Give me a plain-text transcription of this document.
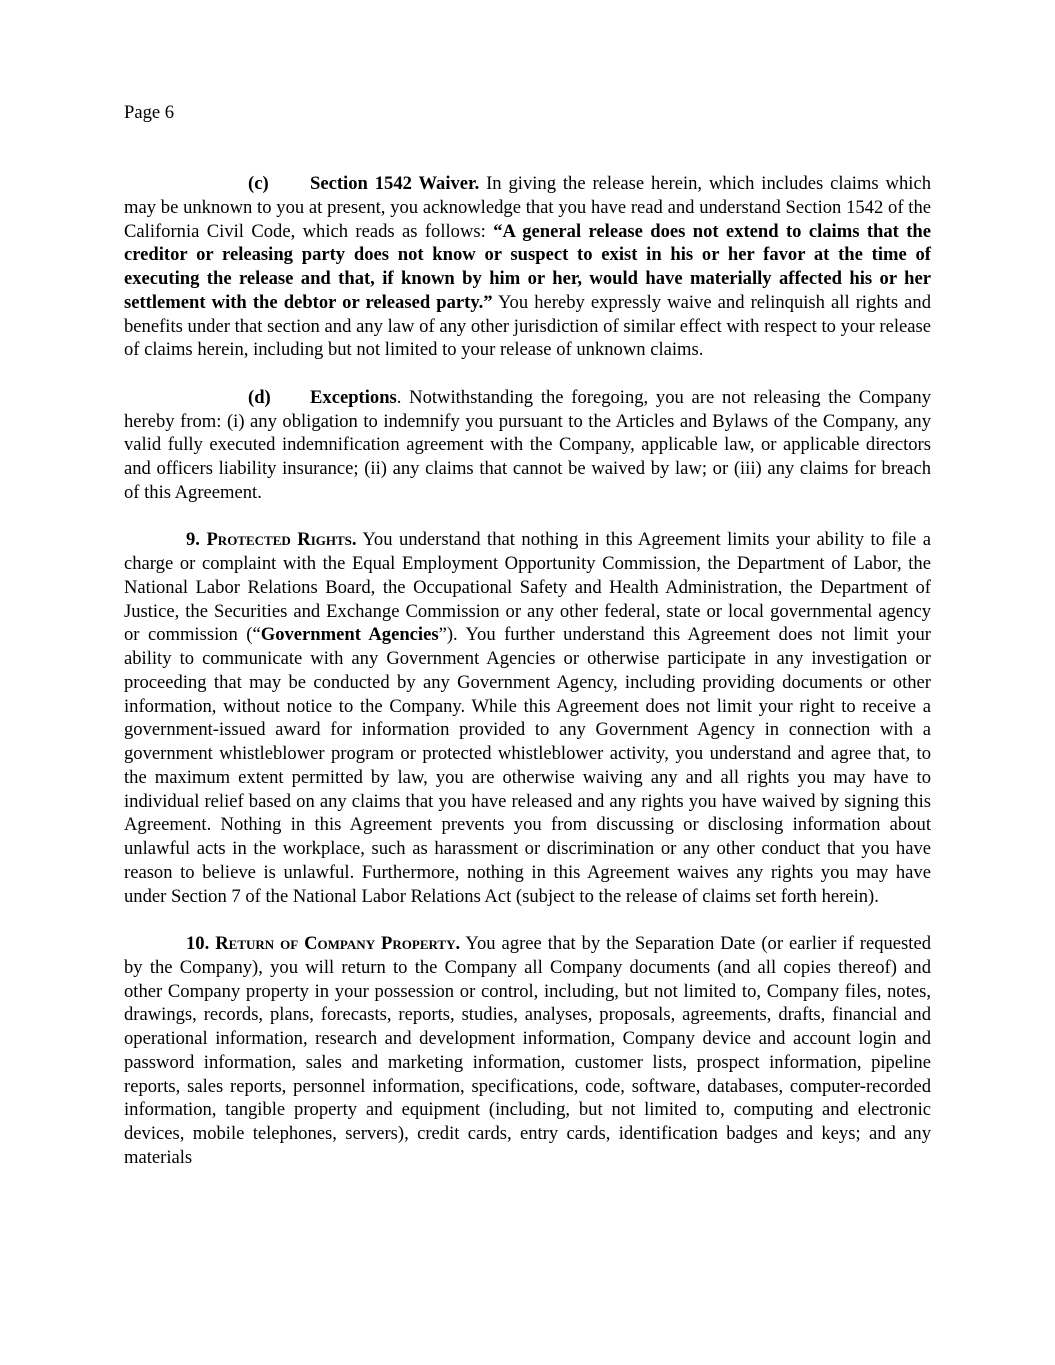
Page 6

(c) Section 1542 Waiver. In giving the release herein, which includes claims which may be unknown to you at present, you acknowledge that you have read and understand Section 1542 of the California Civil Code, which reads as follows: “A general release does not extend to claims that the creditor or releasing party does not know or suspect to exist in his or her favor at the time of executing the release and that, if known by him or her, would have materially affected his or her settlement with the debtor or released party.” You hereby expressly waive and relinquish all rights and benefits under that section and any law of any other jurisdiction of similar effect with respect to your release of claims herein, including but not limited to your release of unknown claims.

(d) Exceptions. Notwithstanding the foregoing, you are not releasing the Company hereby from: (i) any obligation to indemnify you pursuant to the Articles and Bylaws of the Company, any valid fully executed indemnification agreement with the Company, applicable law, or applicable directors and officers liability insurance; (ii) any claims that cannot be waived by law; or (iii) any claims for breach of this Agreement.

9. Protected Rights. You understand that nothing in this Agreement limits your ability to file a charge or complaint with the Equal Employment Opportunity Commission, the Department of Labor, the National Labor Relations Board, the Occupational Safety and Health Administration, the Department of Justice, the Securities and Exchange Commission or any other federal, state or local governmental agency or commission (“Government Agencies”). You further understand this Agreement does not limit your ability to communicate with any Government Agencies or otherwise participate in any investigation or proceeding that may be conducted by any Government Agency, including providing documents or other information, without notice to the Company. While this Agreement does not limit your right to receive a government-issued award for information provided to any Government Agency in connection with a government whistleblower program or protected whistleblower activity, you understand and agree that, to the maximum extent permitted by law, you are otherwise waiving any and all rights you may have to individual relief based on any claims that you have released and any rights you have waived by signing this Agreement. Nothing in this Agreement prevents you from discussing or disclosing information about unlawful acts in the workplace, such as harassment or discrimination or any other conduct that you have reason to believe is unlawful. Furthermore, nothing in this Agreement waives any rights you may have under Section 7 of the National Labor Relations Act (subject to the release of claims set forth herein).

10. Return of Company Property. You agree that by the Separation Date (or earlier if requested by the Company), you will return to the Company all Company documents (and all copies thereof) and other Company property in your possession or control, including, but not limited to, Company files, notes, drawings, records, plans, forecasts, reports, studies, analyses, proposals, agreements, drafts, financial and operational information, research and development information, Company device and account login and password information, sales and marketing information, customer lists, prospect information, pipeline reports, sales reports, personnel information, specifications, code, software, databases, computer-recorded information, tangible property and equipment (including, but not limited to, computing and electronic devices, mobile telephones, servers), credit cards, entry cards, identification badges and keys; and any materials
